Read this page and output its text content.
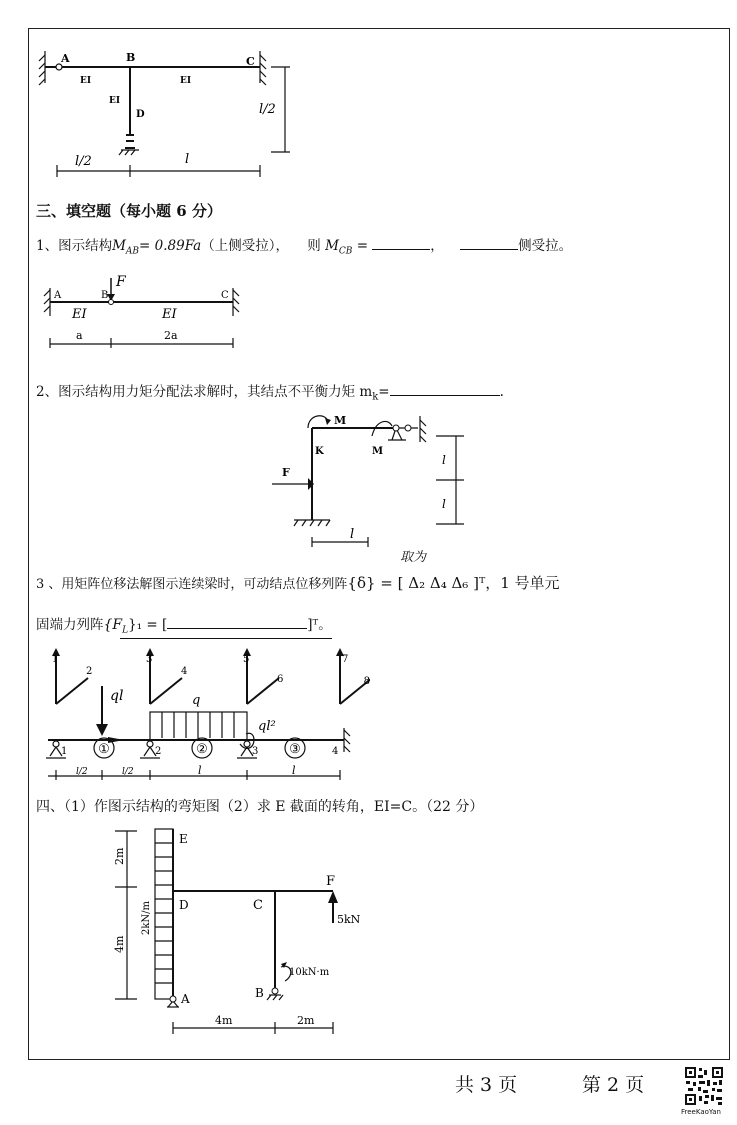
A	B	C
D
EI	EI
EI
l/2	l
l/2
三、填空题（每小题 6 分）
1、图示结构$M_{AB}= 0.89Fa$（上侧受拉）， 则 $M_{CB}$ =	，	侧受拉。
A	B	C
F
EI	EI
a	2a
2、图示结构用力矩分配法求解时，其结点不平衡力矩 $m_k=$	.
M
M
K
F
l
l
l
3 、用矩阵位移法解图示连续梁时，可动结点位移列阵{δ} = [ Δ₂ Δ₄ Δ₆ ]ᵀ，1 号单元
取为
固端力列阵$\{F_L\}_1$ = [	]ᵀ。
1
2
3
4
5
6
7
8
1	2	3	4
①	②	③
ql	q
ql²
l/2	l/2	l	l
四、（1）作图示结构的弯矩图（2）求 E 截面的转角，EI=C。（22 分）
E
D	C
F
A	B
5kN
10kN·m
2kN/m
2m
4m
4m	2m
共 3 页	第 2 页
FreeKaoYan
